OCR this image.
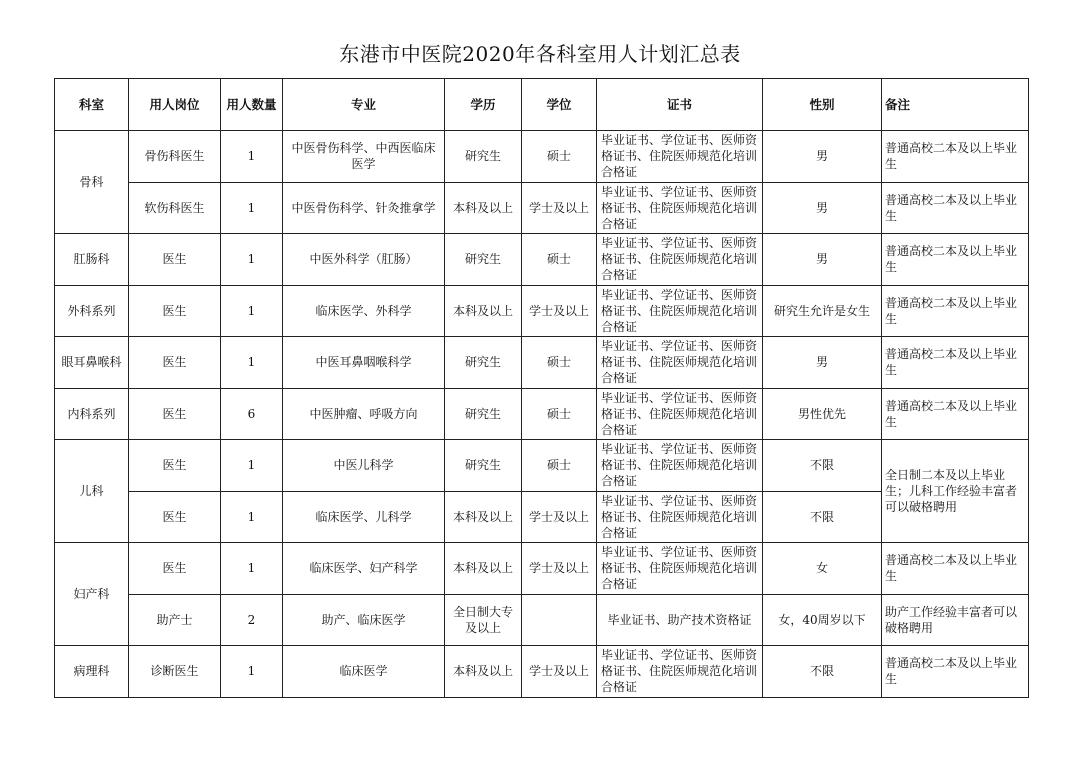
东港市中医院2020年各科室用人计划汇总表
科室	用人岗位	用人数量	专业	学历	学位	证书	性别	备注
骨科	骨伤科医生	1	中医骨伤科学、中西医临床医学	研究生	硕士	毕业证书、学位证书、医师资格证书、住院医师规范化培训合格证	男	普通高校二本及以上毕业生
	软伤科医生	1	中医骨伤科学、针灸推拿学	本科及以上	学士及以上	毕业证书、学位证书、医师资格证书、住院医师规范化培训合格证	男	普通高校二本及以上毕业生
肛肠科	医生	1	中医外科学（肛肠）	研究生	硕士	毕业证书、学位证书、医师资格证书、住院医师规范化培训合格证	男	普通高校二本及以上毕业生
外科系列	医生	1	临床医学、外科学	本科及以上	学士及以上	毕业证书、学位证书、医师资格证书、住院医师规范化培训合格证	研究生允许是女生	普通高校二本及以上毕业生
眼耳鼻喉科	医生	1	中医耳鼻咽喉科学	研究生	硕士	毕业证书、学位证书、医师资格证书、住院医师规范化培训合格证	男	普通高校二本及以上毕业生
内科系列	医生	6	中医肿瘤、呼吸方向	研究生	硕士	毕业证书、学位证书、医师资格证书、住院医师规范化培训合格证	男性优先	普通高校二本及以上毕业生
儿科	医生	1	中医儿科学	研究生	硕士	毕业证书、学位证书、医师资格证书、住院医师规范化培训合格证	不限	全日制二本及以上毕业生；儿科工作经验丰富者可以破格聘用
	医生	1	临床医学、儿科学	本科及以上	学士及以上	毕业证书、学位证书、医师资格证书、住院医师规范化培训合格证	不限	
妇产科	医生	1	临床医学、妇产科学	本科及以上	学士及以上	毕业证书、学位证书、医师资格证书、住院医师规范化培训合格证	女	普通高校二本及以上毕业生
	助产士	2	助产、临床医学	全日制大专及以上		毕业证书、助产技术资格证	女，40周岁以下	助产工作经验丰富者可以破格聘用
病理科	诊断医生	1	临床医学	本科及以上	学士及以上	毕业证书、学位证书、医师资格证书、住院医师规范化培训合格证	不限	普通高校二本及以上毕业生
